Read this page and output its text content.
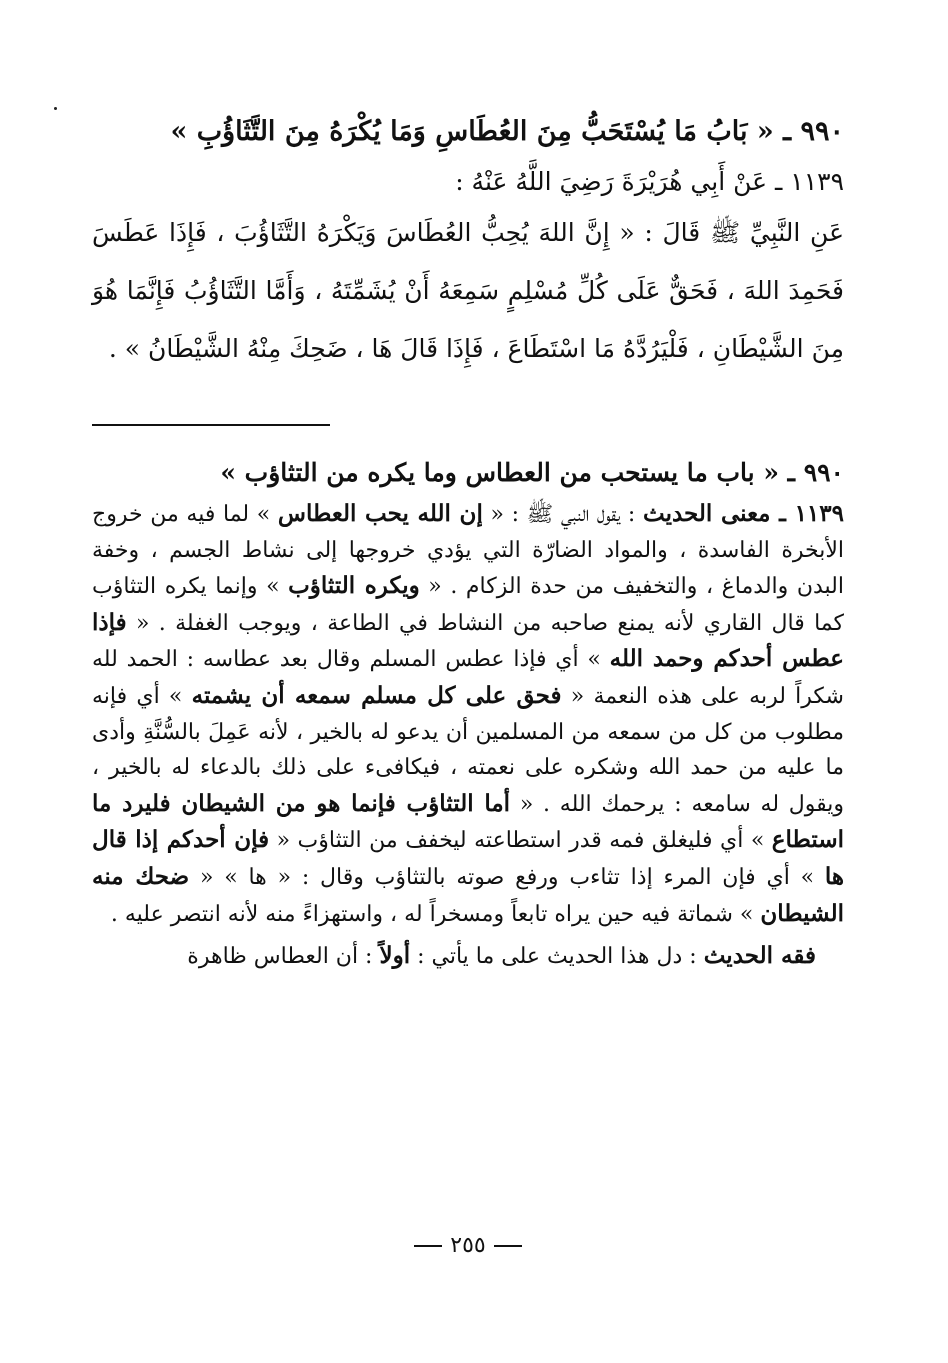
٩٩٠ ـ « بَابُ مَا يُسْتَحَبُّ مِنَ العُطَاسِ وَمَا يُكْرَهُ مِنَ التَّثَاؤُبِ »

١١٣٩ ـ عَنْ أَبِي هُرَيْرَةَ رَضِيَ اللَّهُ عَنْهُ :

عَنِ النَّبِيِّ ﷺ قَالَ : « إِنَّ اللهَ يُحِبُّ العُطَاسَ وَيَكْرَهُ التَّثَاؤُبَ ، فَإِذَا عَطَسَ فَحَمِدَ اللهَ ، فَحَقٌّ عَلَى كُلِّ مُسْلِمٍ سَمِعَهُ أَنْ يُشَمِّتَهُ ، وَأَمَّا التَّثَاؤُبُ فَإِنَّمَا هُوَ مِنَ الشَّيْطَانِ ، فَلْيَرُدَّهُ مَا اسْتَطَاعَ ، فَإِذَا قَالَ هَا ، ضَحِكَ مِنْهُ الشَّيْطَانُ » .

٩٩٠ ـ « باب ما يستحب من العطاس وما يكره من التثاؤب »

١١٣٩ ـ معنى الحديث : يقول النبي ﷺ : « إن الله يحب العطاس » لما فيه من خروج الأبخرة الفاسدة ، والمواد الضارّة التي يؤدي خروجها إلى نشاط الجسم ، وخفة البدن والدماغ ، والتخفيف من حدة الزكام . « ويكره التثاؤب » وإنما يكره التثاؤب كما قال القاري لأنه يمنع صاحبه من النشاط في الطاعة ، ويوجب الغفلة . « فإذا عطس أحدكم وحمد الله » أي فإذا عطس المسلم وقال بعد عطاسه : الحمد لله شكراً لربه على هذه النعمة « فحق على كل مسلم سمعه أن يشمته » أي فإنه مطلوب من كل من سمعه من المسلمين أن يدعو له بالخير ، لأنه عَمِلَ بالسُّنَّةِ وأدى ما عليه من حمد الله وشكره على نعمته ، فيكافىء على ذلك بالدعاء له بالخير ، ويقول له سامعه : يرحمك الله . « أما التثاؤب فإنما هو من الشيطان فليرد ما استطاع » أي فليغلق فمه قدر استطاعته ليخفف من التثاؤب « فإن أحدكم إذا قال ها » أي فإن المرء إذا تثاءب ورفع صوته بالتثاؤب وقال : « ها » « ضحك منه الشيطان » شماتة فيه حين يراه تابعاً ومسخراً له ، واستهزاءً منه لأنه انتصر عليه .

فقه الحديث : دل هذا الحديث على ما يأتي : أولاً : أن العطاس ظاهرة

٢٥٥
